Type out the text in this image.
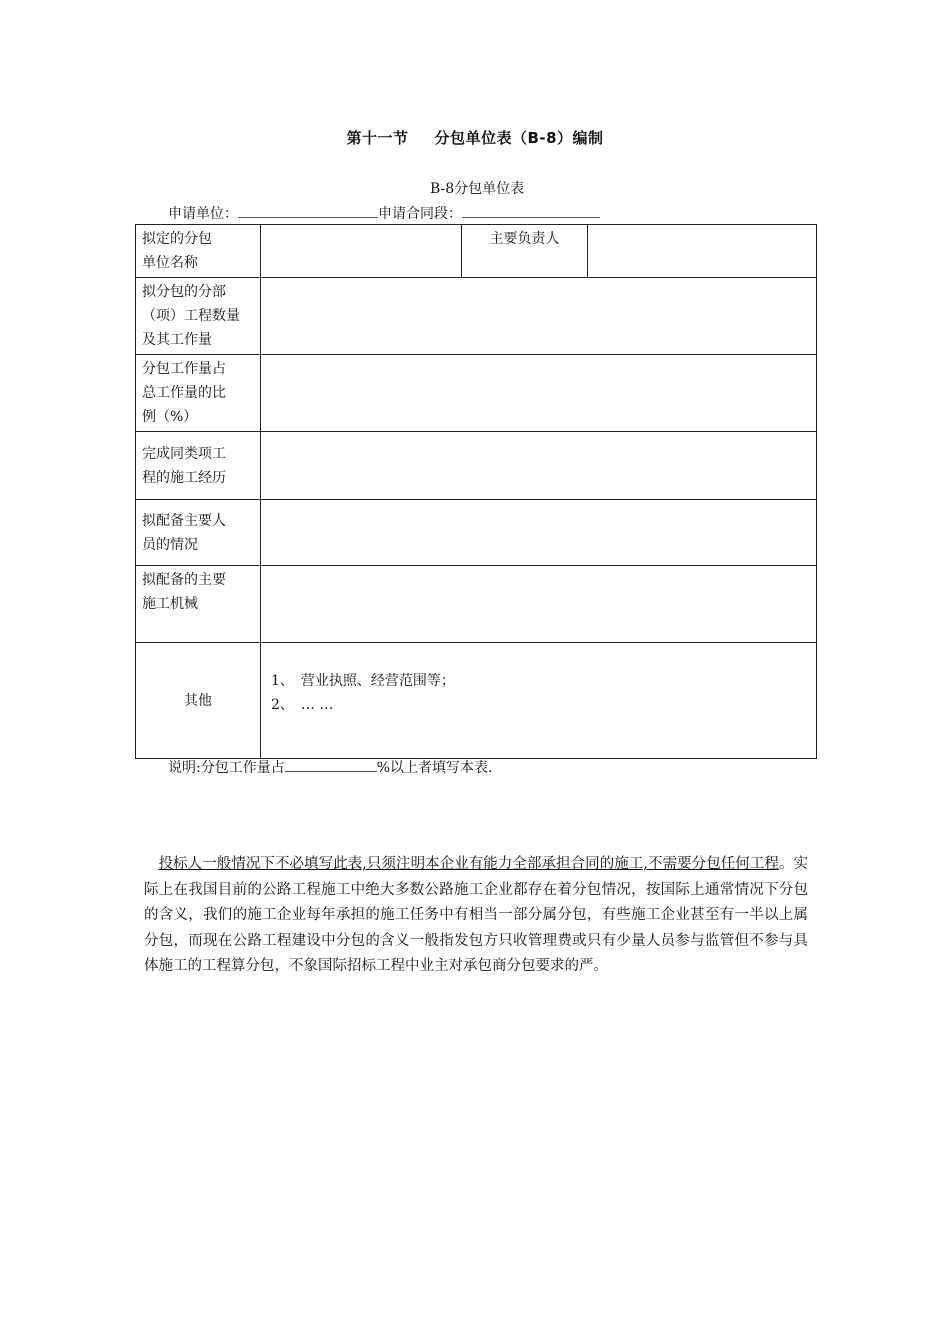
第十一节 分包单位表（B-8）编制
B-8分包单位表
申请单位：	申请合同段：
拟定的分包
单位名称		主要负责人	

拟分包的分部
（项）工程数量
及其工作量			

分包工作量占
总工作量的比
例（%）			

完成同类项工
程的施工经历			

拟配备主要人
员的情况			

拟配备的主要
施工机械			

其他	1、　营业执照、经营范围等；
2、　… …		
说明:分包工作量占	%以上者填写本表.

　投标人一般情况下不必填写此表,只须注明本企业有能力全部承担合同的施工,不需要分包任何工程。实际上在我国目前的公路工程施工中绝大多数公路施工企业都存在着分包情况，按国际上通常情况下分包的含义，我们的施工企业每年承担的施工任务中有相当一部分属分包，有些施工企业甚至有一半以上属分包，而现在公路工程建设中分包的含义一般指发包方只收管理费或只有少量人员参与监管但不参与具体施工的工程算分包，不象国际招标工程中业主对承包商分包要求的严。
